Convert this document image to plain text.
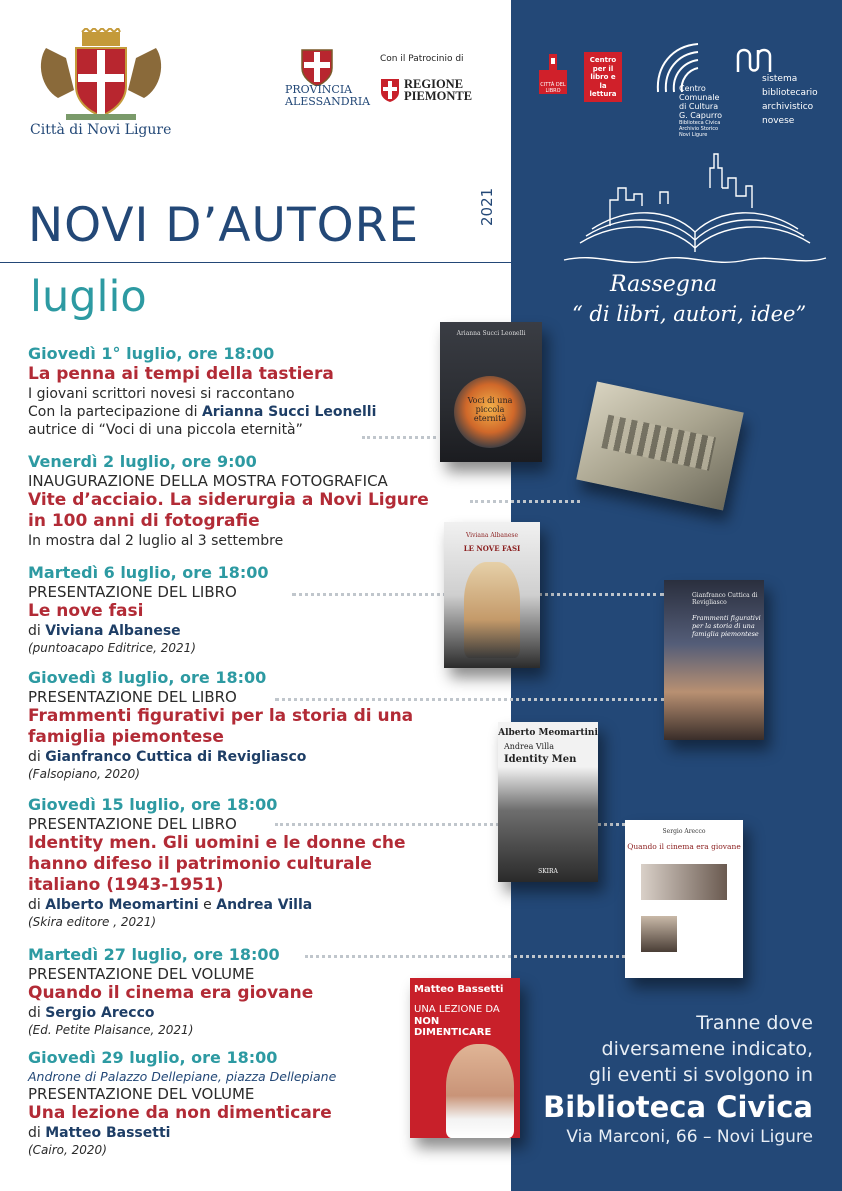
Città di Novi Ligure
PROVINCIA
ALESSANDRIA
Con il Patrocinio di
REGIONE
PIEMONTE
CITTÀ DEL LIBRO
Centro per il libro e la lettura
Centro
Comunale
di Cultura
G. Capurro
Biblioteca Civica
Archivio Storico
Novi Ligure
sistema
bibliotecario
archivistico
novese
NOVI D’AUTORE	2021
luglio	Rassegna
“ di libri, autori, idee”
Giovedì 1° luglio, ore 18:00
La penna ai tempi della tastiera
I giovani scrittori novesi si raccontano
Con la partecipazione di Arianna Succi Leonelli
autrice di “Voci di una piccola eternità”
Venerdì 2 luglio, ore 9:00
INAUGURAZIONE DELLA MOSTRA FOTOGRAFICA
Vite d’acciaio. La siderurgia a Novi Ligure
in 100 anni di fotografie
In mostra dal 2 luglio al 3 settembre
Martedì 6 luglio, ore 18:00
PRESENTAZIONE DEL LIBRO
Le nove fasi
di Viviana Albanese
(puntoacapo Editrice, 2021)
Giovedì 8 luglio, ore 18:00
PRESENTAZIONE DEL LIBRO
Frammenti figurativi per la storia di una
famiglia piemontese
di Gianfranco Cuttica di Revigliasco
(Falsopiano, 2020)
Giovedì 15 luglio, ore 18:00
PRESENTAZIONE DEL LIBRO
Identity men. Gli uomini e le donne che
hanno difeso il patrimonio culturale
italiano (1943-1951)
di Alberto Meomartini e Andrea Villa
(Skira editore , 2021)
Martedì 27 luglio, ore 18:00
PRESENTAZIONE DEL VOLUME
Quando il cinema era giovane
di Sergio Arecco
(Ed. Petite Plaisance, 2021)
Giovedì 29 luglio, ore 18:00
Androne di Palazzo Dellepiane, piazza Dellepiane
PRESENTAZIONE DEL VOLUME
Una lezione da non dimenticare
di Matteo Bassetti
(Cairo, 2020)
Arianna Succi Leonelli
Voci di una piccola eternità
Viviana Albanese
LE NOVE FASI
Gianfranco Cuttica di Revigliasco
Frammenti figurativi per la storia di una famiglia piemontese
Alberto Meomartini
Andrea Villa
Identity Men
SKIRA
Sergio Arecco
Quando il cinema era giovane
Matteo Bassetti
UNA LEZIONE DA
NON DIMENTICARE	Tranne dove
diversamene indicato,
gli eventi si svolgono in
Biblioteca Civica
Via Marconi, 66 – Novi Ligure
